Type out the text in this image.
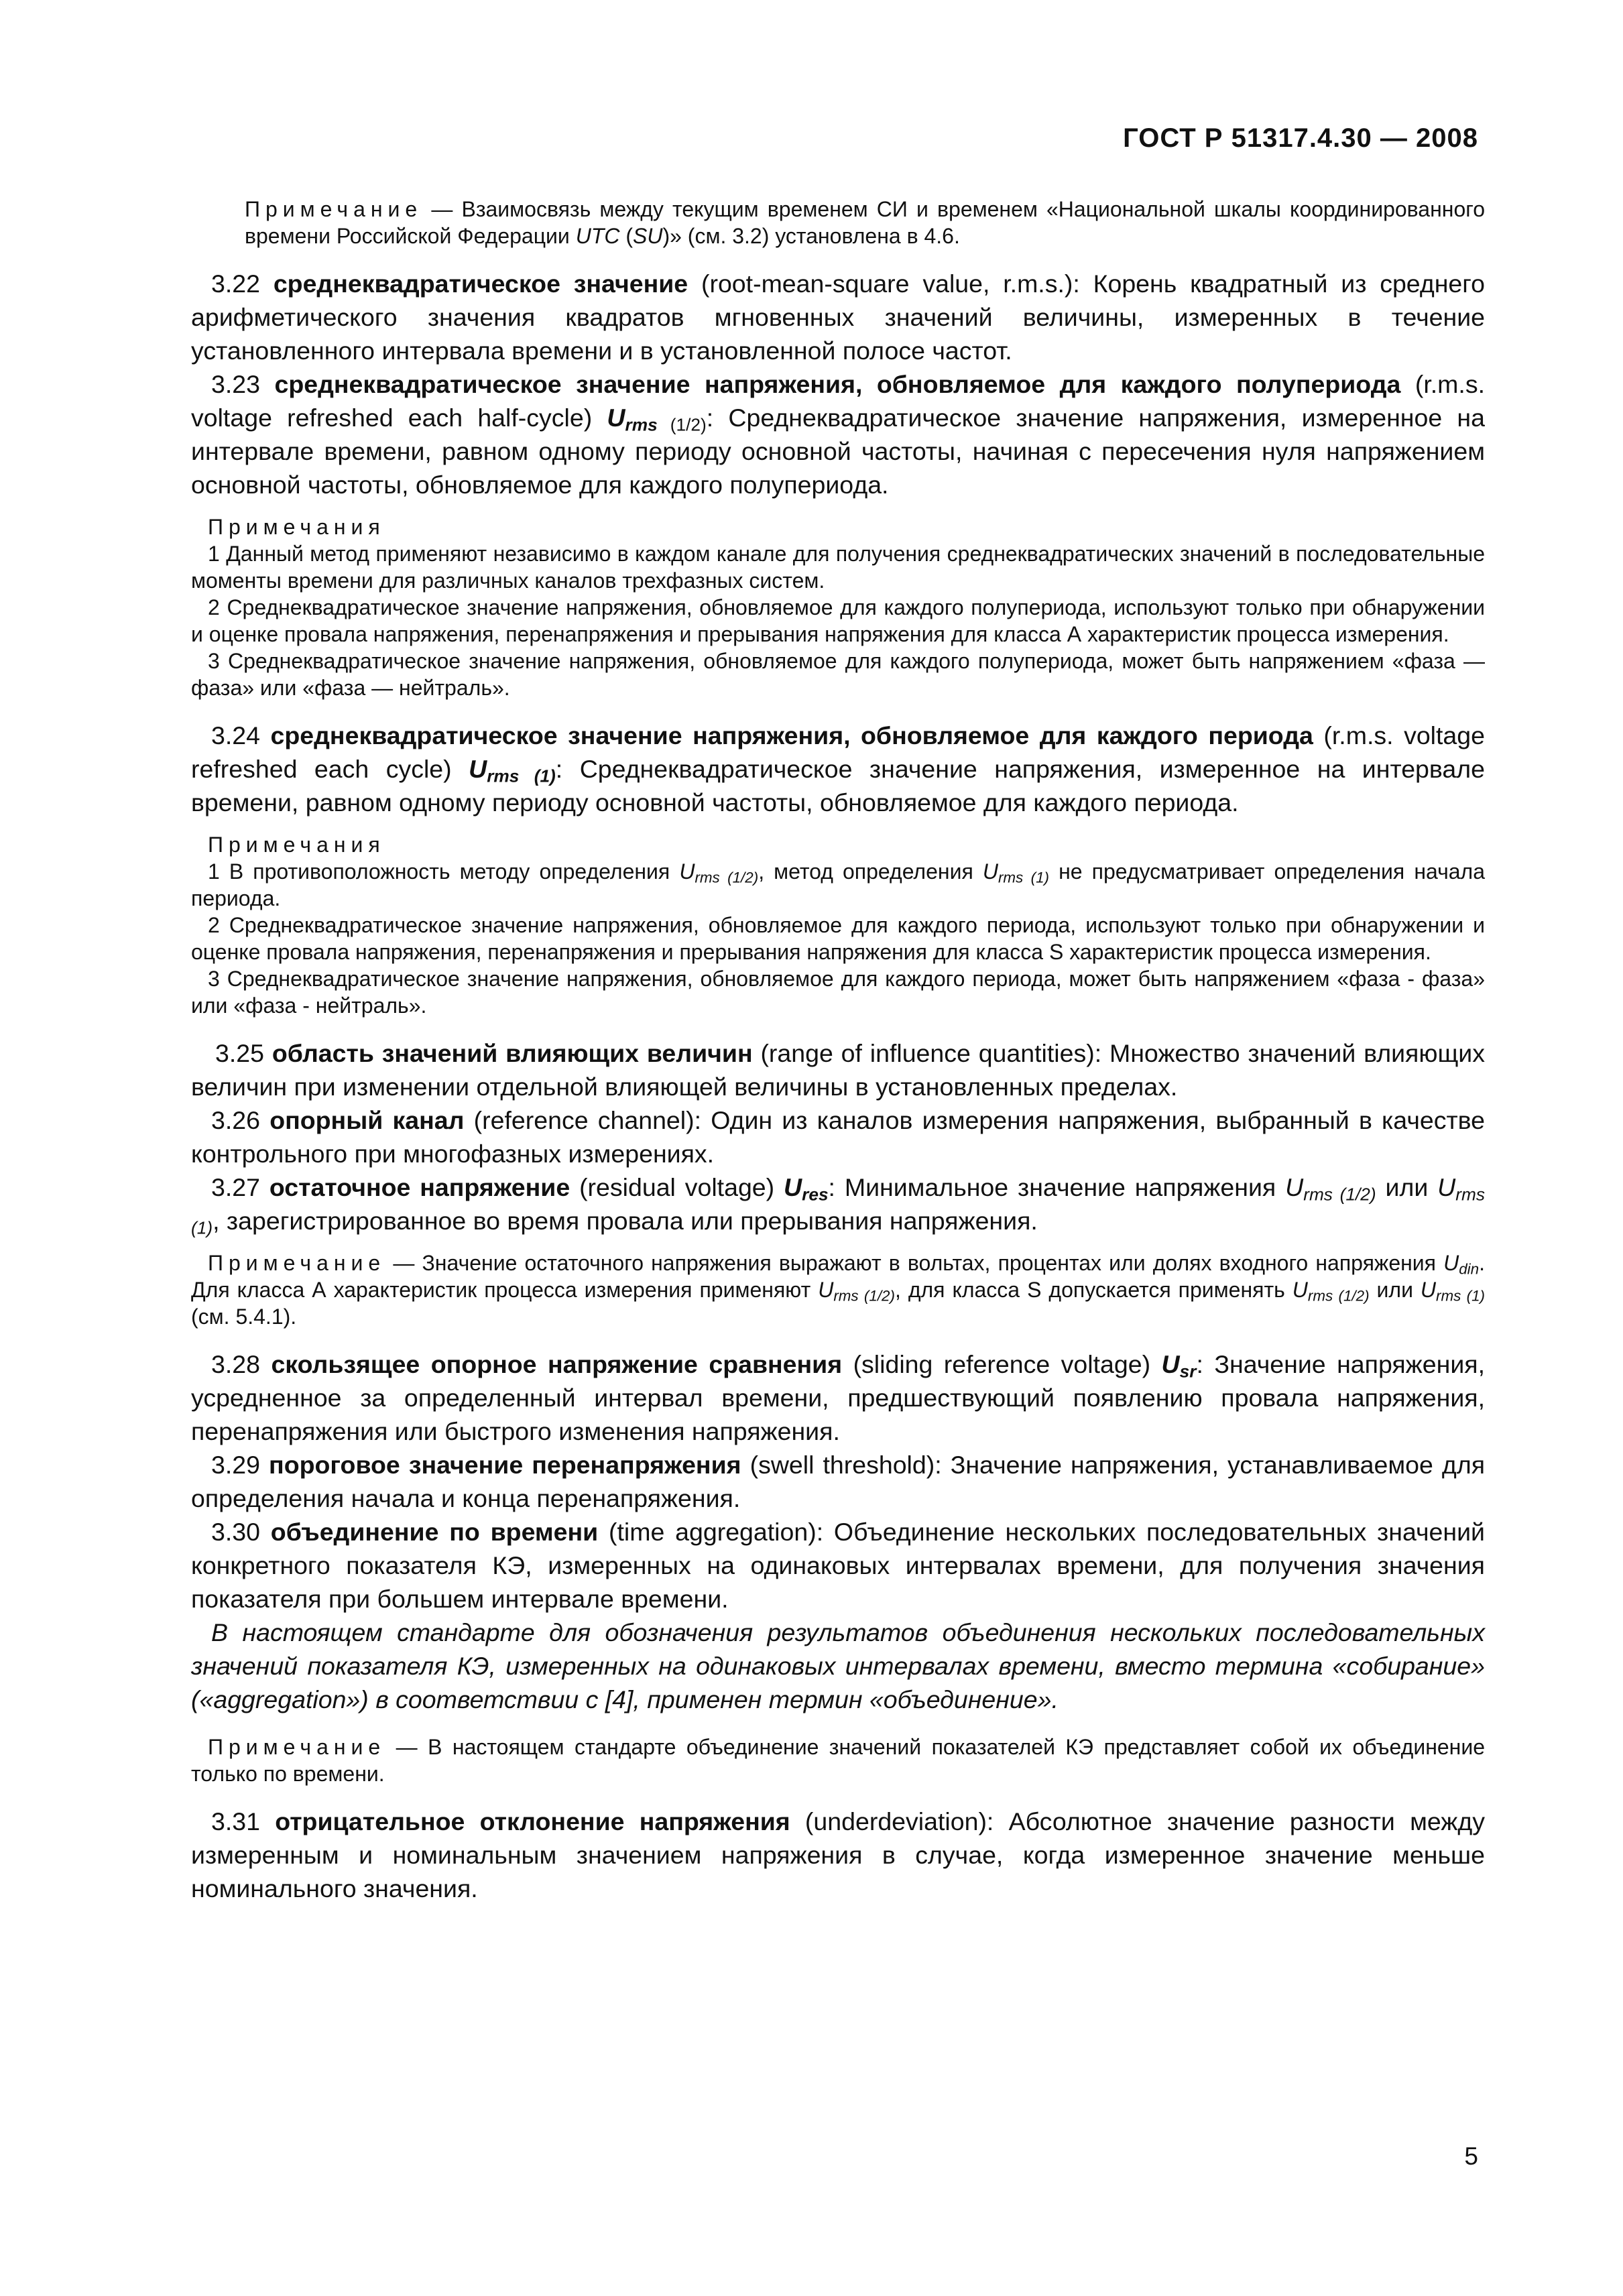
ГОСТ Р 51317.4.30 — 2008

Примечание — Взаимосвязь между текущим временем СИ и временем «Национальной шкалы координированного времени Российской Федерации UTC (SU)» (см. 3.2) установлена в 4.6.

3.22 среднеквадратическое значение (root-mean-square value, r.m.s.): Корень квадратный из среднего арифметического значения квадратов мгновенных значений величины, измеренных в течение установленного интервала времени и в установленной полосе частот.

3.23 среднеквадратическое значение напряжения, обновляемое для каждого полупериода (r.m.s. voltage refreshed each half-cycle) $U_{rms (1/2)}$: Среднеквадратическое значение напряжения, измеренное на интервале времени, равном одному периоду основной частоты, начиная с пересечения нуля напряжением основной частоты, обновляемое для каждого полупериода.

Примечания

1 Данный метод применяют независимо в каждом канале для получения среднеквадратических значений в последовательные моменты времени для различных каналов трехфазных систем.

2 Среднеквадратическое значение напряжения, обновляемое для каждого полупериода, используют только при обнаружении и оценке провала напряжения, перенапряжения и прерывания напряжения для класса А характеристик процесса измерения.

3 Среднеквадратическое значение напряжения, обновляемое для каждого полупериода, может быть напряжением «фаза — фаза» или «фаза — нейтраль».

3.24 среднеквадратическое значение напряжения, обновляемое для каждого периода (r.m.s. voltage refreshed each cycle) $U_{rms (1)}$: Среднеквадратическое значение напряжения, измеренное на интервале времени, равном одному периоду основной частоты, обновляемое для каждого периода.

Примечания

1 В противоположность методу определения $U_{rms (1/2)}$, метод определения $U_{rms (1)}$ не предусматривает определения начала периода.

2 Среднеквадратическое значение напряжения, обновляемое для каждого периода, используют только при обнаружении и оценке провала напряжения, перенапряжения и прерывания напряжения для класса S характеристик процесса измерения.

3 Среднеквадратическое значение напряжения, обновляемое для каждого периода, может быть напряжением «фаза - фаза» или «фаза - нейтраль».

3.25 область значений влияющих величин (range of influence quantities): Множество значений влияющих величин при изменении отдельной влияющей величины в установленных пределах.

3.26 опорный канал (reference channel): Один из каналов измерения напряжения, выбранный в качестве контрольного при многофазных измерениях.

3.27 остаточное напряжение (residual voltage) $U_{res}$: Минимальное значение напряжения $U_{rms (1/2)}$ или $U_{rms (1)}$, зарегистрированное во время провала или прерывания напряжения.

Примечание — Значение остаточного напряжения выражают в вольтах, процентах или долях входного напряжения $U_{din}$. Для класса А характеристик процесса измерения применяют $U_{rms (1/2)}$, для класса S допускается применять $U_{rms (1/2)}$ или $U_{rms (1)}$ (см. 5.4.1).

3.28 скользящее опорное напряжение сравнения (sliding reference voltage) $U_{sr}$: Значение напряжения, усредненное за определенный интервал времени, предшествующий появлению провала напряжения, перенапряжения или быстрого изменения напряжения.

3.29 пороговое значение перенапряжения (swell threshold): Значение напряжения, устанавливаемое для определения начала и конца перенапряжения.

3.30 объединение по времени (time aggregation): Объединение нескольких последовательных значений конкретного показателя КЭ, измеренных на одинаковых интервалах времени, для получения значения показателя при большем интервале времени.

В настоящем стандарте для обозначения результатов объединения нескольких последовательных значений показателя КЭ, измеренных на одинаковых интервалах времени, вместо термина «собирание» («aggregation») в соответствии с [4], применен термин «объединение».

Примечание — В настоящем стандарте объединение значений показателей КЭ представляет собой их объединение только по времени.

3.31 отрицательное отклонение напряжения (underdeviation): Абсолютное значение разности между измеренным и номинальным значением напряжения в случае, когда измеренное значение меньше номинального значения.

5
